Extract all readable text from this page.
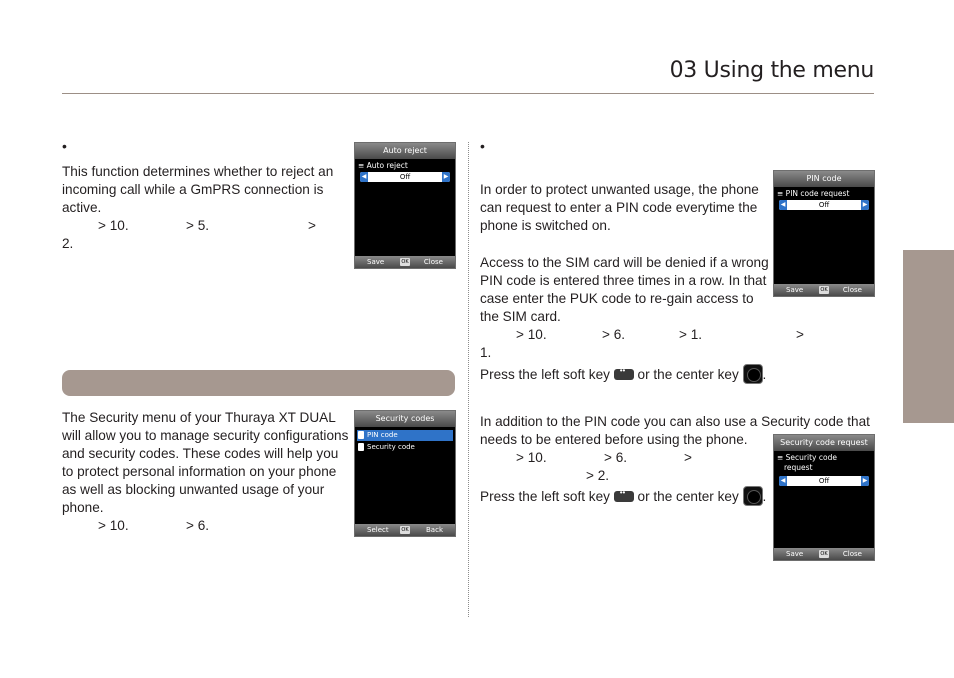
03 Using the menu
•
This function determines whether to reject an
incoming call while a GmPRS connection is
active.
> 10.	> 5.	>
2.
Auto reject
≡ Auto reject
◀	Off	▶
Save	OK Close
The Security menu of your Thuraya XT DUAL
will allow you to manage security configurations
and security codes. These codes will help you
to protect personal information on your phone
as well as blocking unwanted usage of your
phone.
> 10.	> 6.
Security codes
PIN code
Security code
Select	OK Back
•
In order to protect unwanted usage, the phone
can request to enter a PIN code everytime the
phone is switched on.
Access to the SIM card will be denied if a wrong
PIN code is entered three times in a row. In that
case enter the PUK code to re-gain access to
the SIM card.
> 10.	> 6.	> 1.	>
1.
Press the left soft key •• or the center key .
PIN code
≡ PIN code request
◀	Off	▶
Save	OK Close
In addition to the PIN code you can also use a Security code that
needs to be entered before using the phone.
> 10.	> 6.	>
> 2.
Press the left soft key •• or the center key .
Security code request
≡ Security code
request
◀	Off	▶
Save	OK Close
